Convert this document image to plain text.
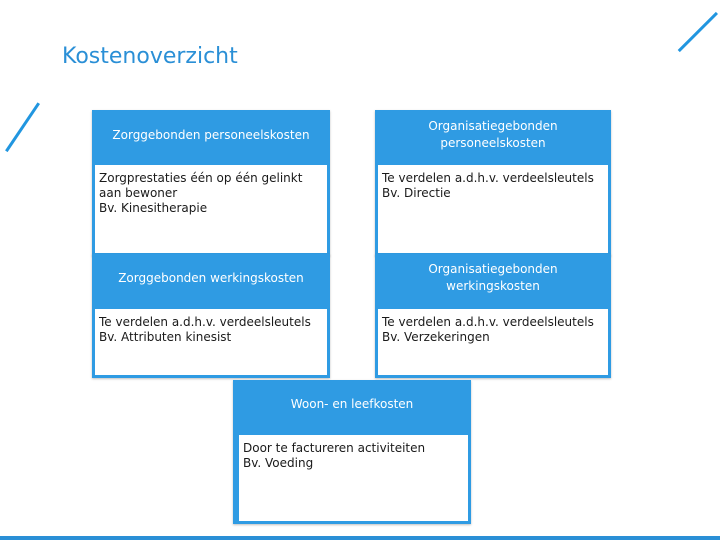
Kostenoverzicht
Zorggebonden personeelskosten
Zorgprestaties één op één gelinkt aan bewoner
Bv. Kinesitherapie
Organisatiegebonden personeelskosten
Te verdelen a.d.h.v. verdeelsleutels
Bv. Directie
Zorggebonden werkingskosten
Te verdelen a.d.h.v. verdeelsleutels
Bv. Attributen kinesist
Organisatiegebonden werkingskosten
Te verdelen a.d.h.v. verdeelsleutels
Bv. Verzekeringen
Woon- en leefkosten
Door te factureren activiteiten
Bv. Voeding
